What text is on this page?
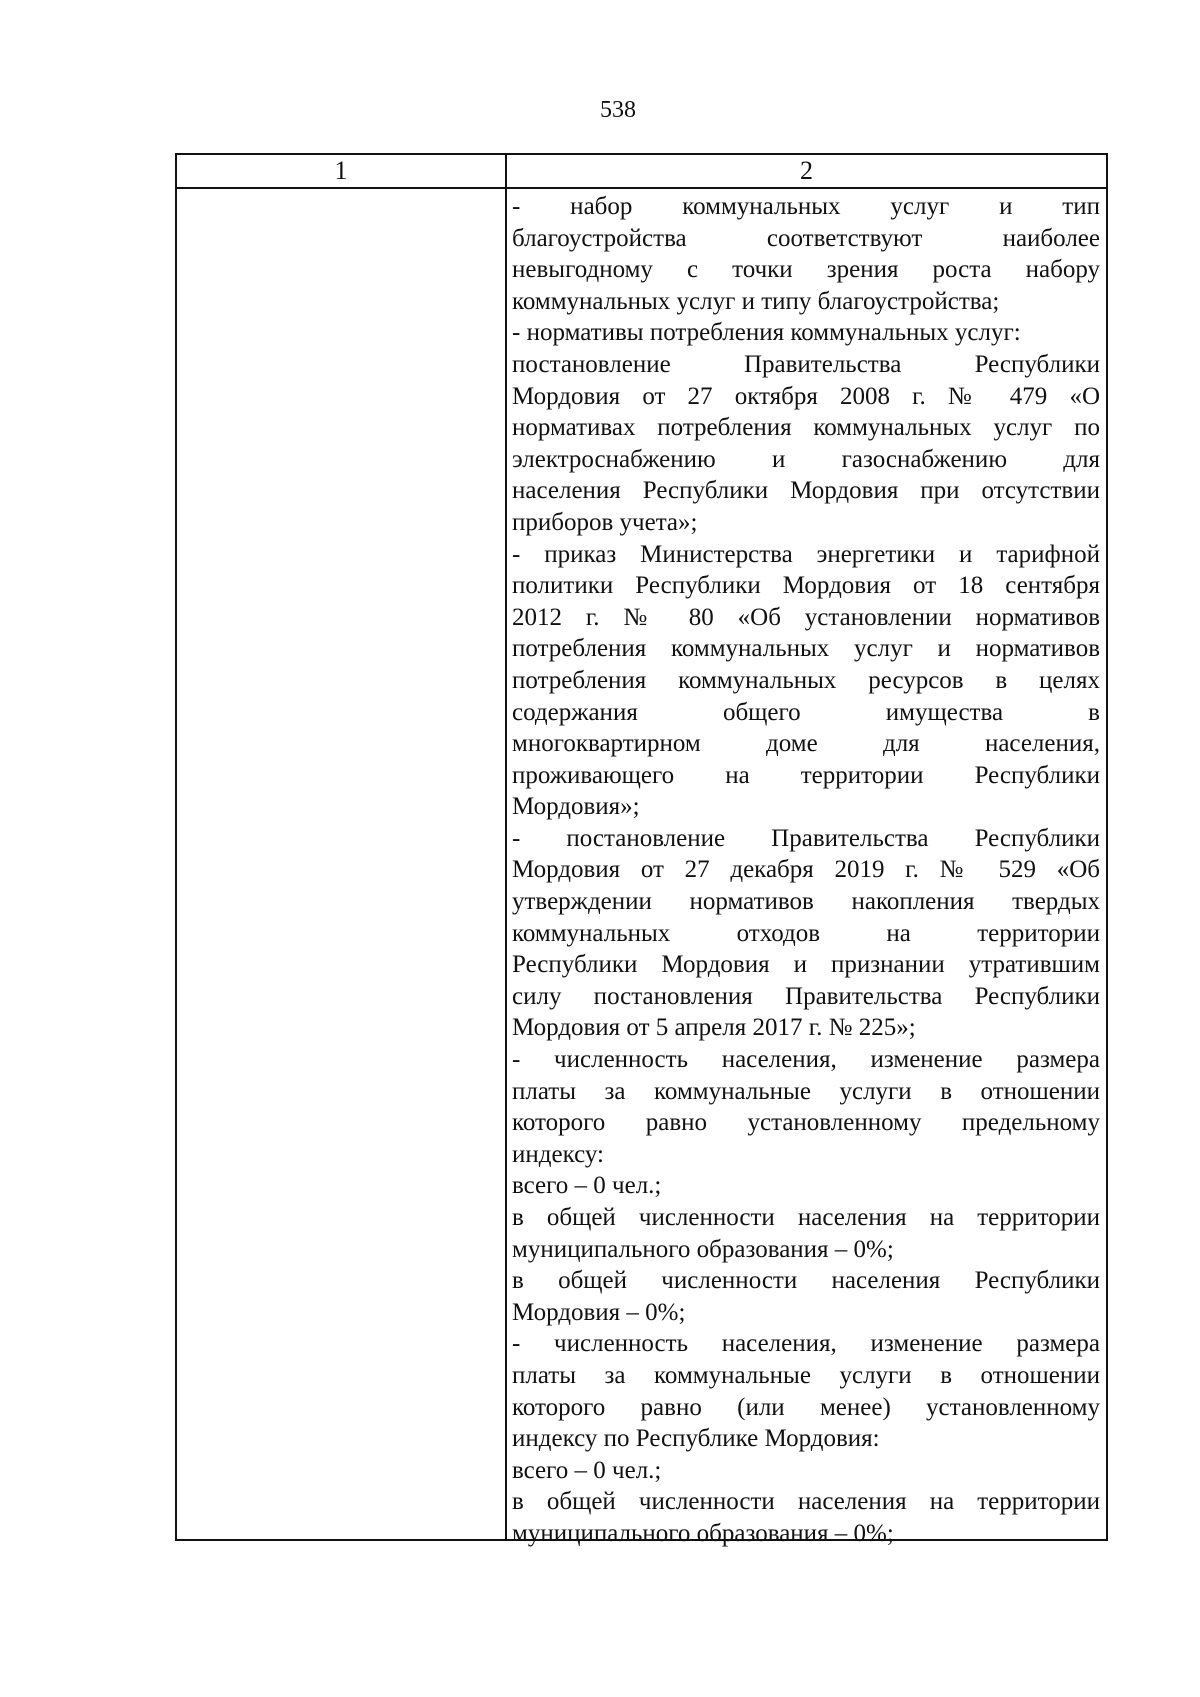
538
1	2
- набор коммунальных услуг и тип
благоустройства соответствуют наиболее
невыгодному с точки зрения роста набору
коммунальных услуг и типу благоустройства;
- нормативы потребления коммунальных услуг:
постановление Правительства Республики
Мордовия от 27 октября 2008 г. № 479 «О
нормативах потребления коммунальных услуг по
электроснабжению и газоснабжению для
населения Республики Мордовия при отсутствии
приборов учета»;
- приказ Министерства энергетики и тарифной
политики Республики Мордовия от 18 сентября
2012 г. № 80 «Об установлении нормативов
потребления коммунальных услуг и нормативов
потребления коммунальных ресурсов в целях
содержания общего имущества в
многоквартирном доме для населения,
проживающего на территории Республики
Мордовия»;
- постановление Правительства Республики
Мордовия от 27 декабря 2019 г. № 529 «Об
утверждении нормативов накопления твердых
коммунальных отходов на территории
Республики Мордовия и признании утратившим
силу постановления Правительства Республики
Мордовия от 5 апреля 2017 г. № 225»;
- численность населения, изменение размера
платы за коммунальные услуги в отношении
которого равно установленному предельному
индексу:
всего – 0 чел.;
в общей численности населения на территории
муниципального образования – 0%;
в общей численности населения Республики
Мордовия – 0%;
- численность населения, изменение размера
платы за коммунальные услуги в отношении
которого равно (или менее) установленному
индексу по Республике Мордовия:
всего – 0 чел.;
в общей численности населения на территории
муниципального образования – 0%;
